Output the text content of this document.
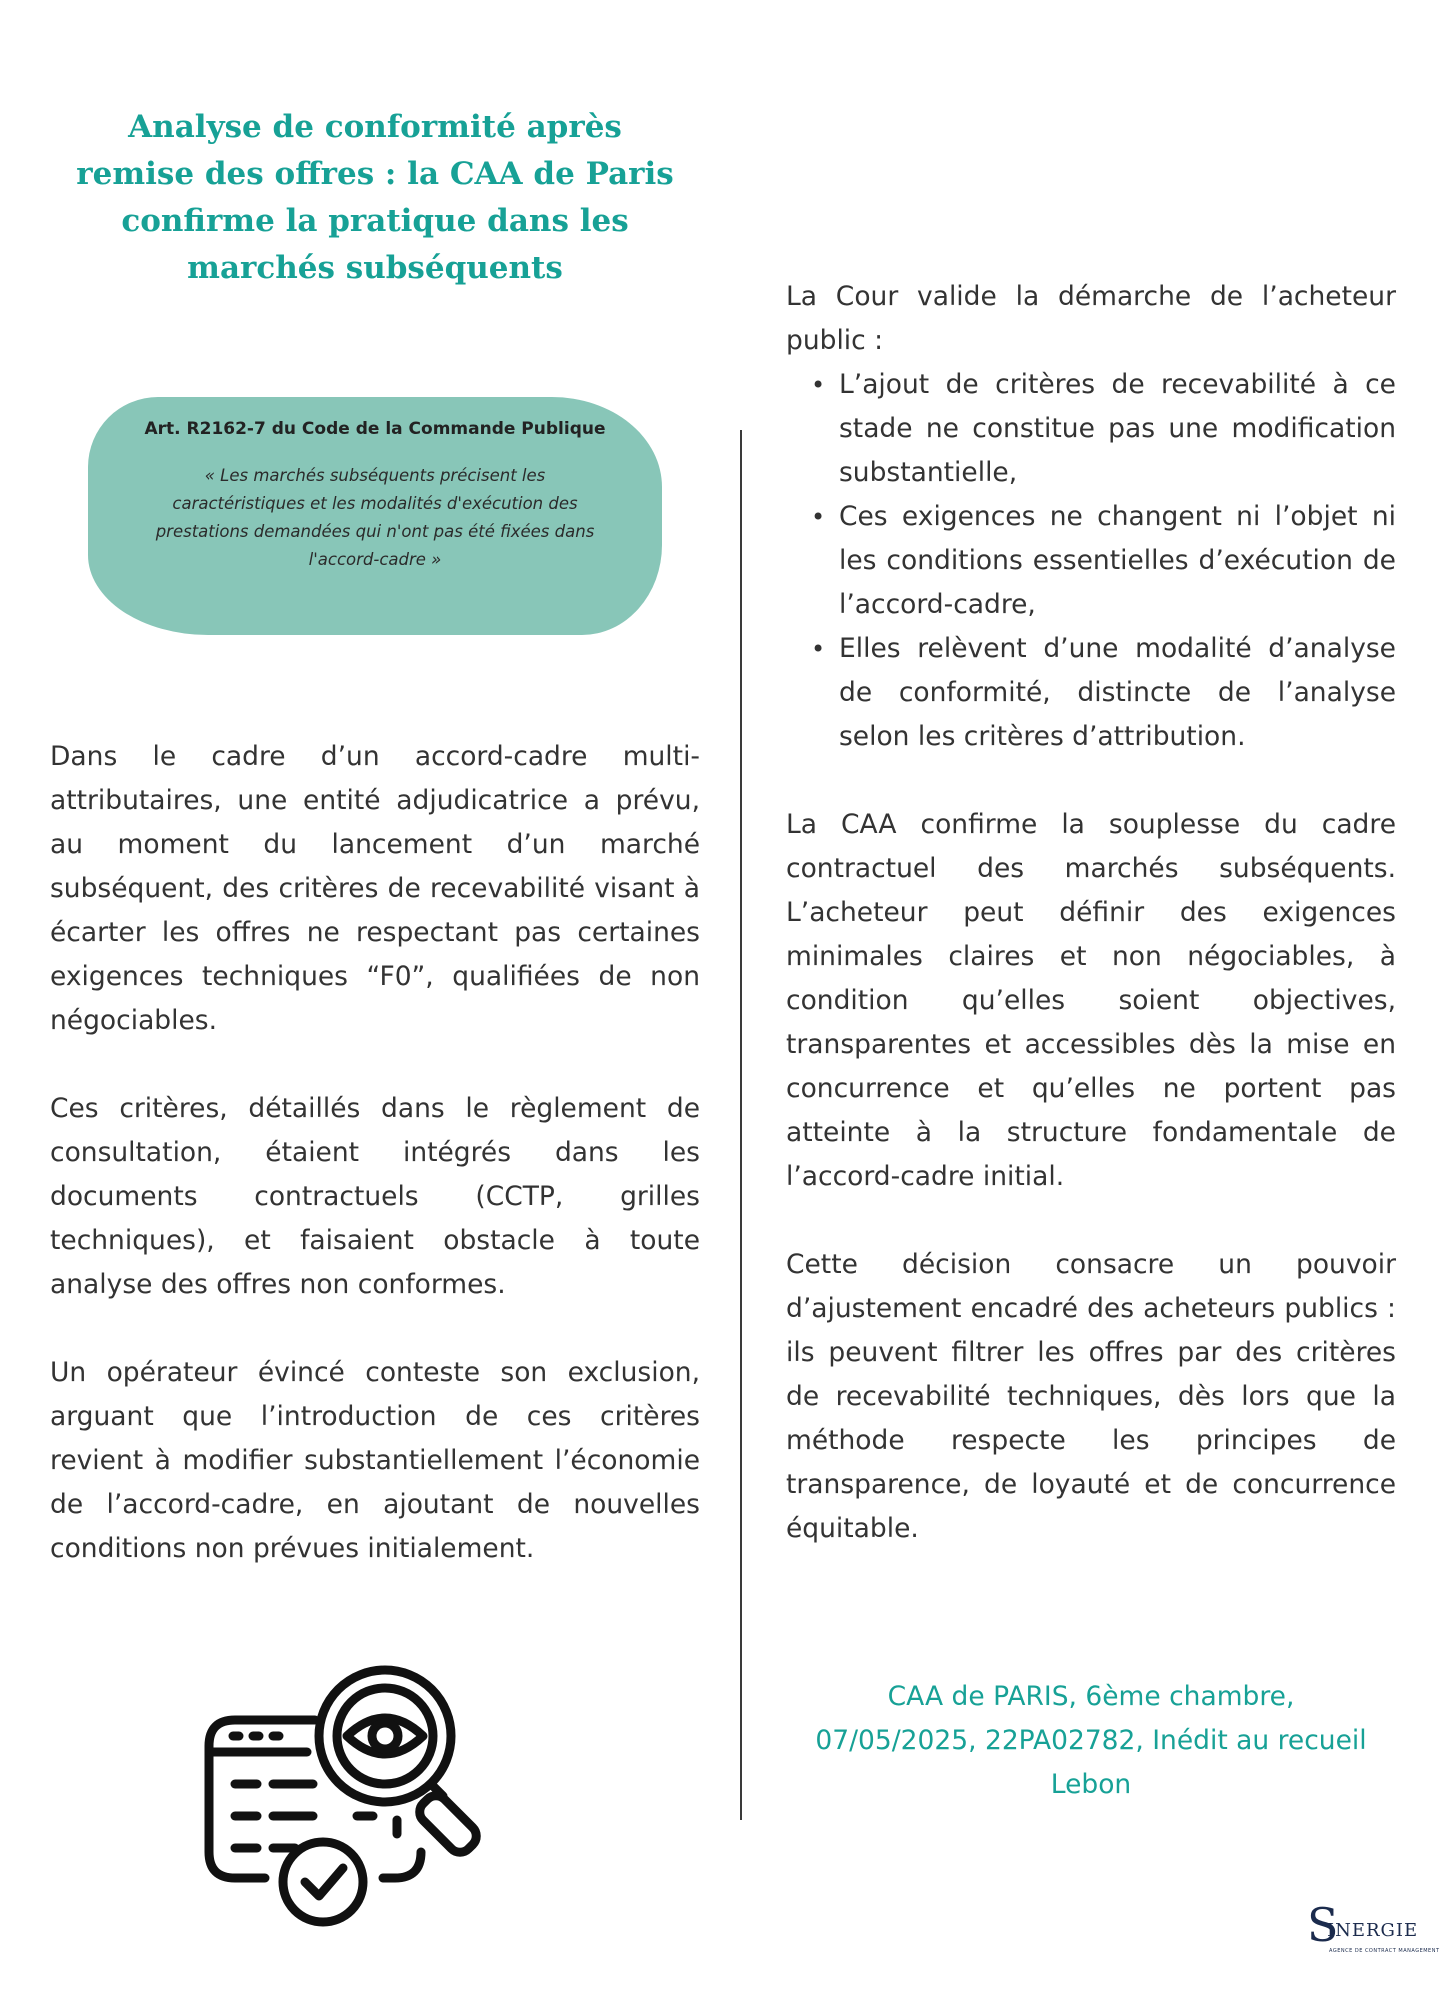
Analyse de conformité après
remise des offres : la CAA de Paris
confirme la pratique dans les
marchés subséquents

Art. R2162-7 du Code de la Commande Publique

« Les marchés subséquents précisent les
caractéristiques et les modalités d'exécution des
prestations demandées qui n'ont pas été fixées dans
l'accord-cadre »

Dans le cadre d’un accord-cadre multi-attributaires, une entité adjudicatrice a prévu, au moment du lancement d’un marché subséquent, des critères de recevabilité visant à écarter les offres ne respectant pas certaines exigences techniques “F0”, qualifiées de non négociables.

Ces critères, détaillés dans le règlement de consultation, étaient intégrés dans les documents contractuels (CCTP, grilles techniques), et faisaient obstacle à toute analyse des offres non conformes.

Un opérateur évincé conteste son exclusion, arguant que l’introduction de ces critères revient à modifier substantiellement l’économie de l’accord-cadre, en ajoutant de nouvelles conditions non prévues initialement.

La Cour valide la démarche de l’acheteur public :
• L’ajout de critères de recevabilité à ce stade ne constitue pas une modification substantielle,
• Ces exigences ne changent ni l’objet ni les conditions essentielles d’exécution de l’accord-cadre,
• Elles relèvent d’une modalité d’analyse de conformité, distincte de l’analyse selon les critères d’attribution.

La CAA confirme la souplesse du cadre contractuel des marchés subséquents. L’acheteur peut définir des exigences minimales claires et non négociables, à condition qu’elles soient objectives, transparentes et accessibles dès la mise en concurrence et qu’elles ne portent pas atteinte à la structure fondamentale de l’accord-cadre initial.

Cette décision consacre un pouvoir d’ajustement encadré des acheteurs publics : ils peuvent filtrer les offres par des critères de recevabilité techniques, dès lors que la méthode respecte les principes de transparence, de loyauté et de concurrence équitable.

CAA de PARIS, 6ème chambre,
07/05/2025, 22PA02782, Inédit au recueil
Lebon
S
INERGIE
AGENCE DE CONTRACT MANAGEMENT
